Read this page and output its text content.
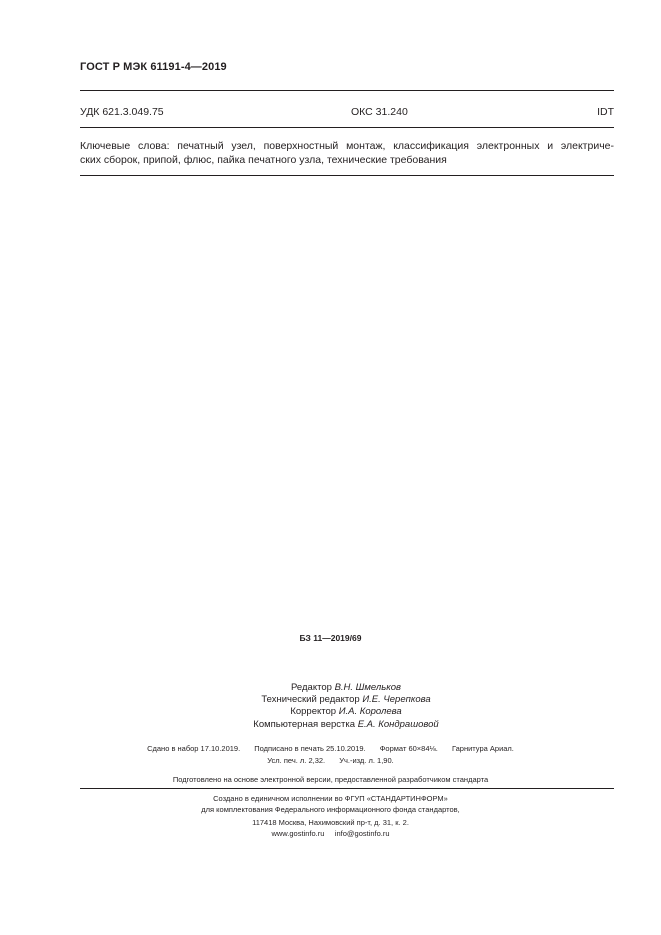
ГОСТ Р МЭК 61191-4—2019
УДК 621.3.049.75	ОКС 31.240	IDT
Ключевые слова: печатный узел, поверхностный монтаж, классификация электронных и электриче-
ских сборок, припой, флюс, пайка печатного узла, технические требования
БЗ 11—2019/69
Редактор В.Н. Шмельков
Технический редактор И.Е. Черепкова
Корректор И.А. Королева
Компьютерная верстка Е.А. Кондрашовой
Сдано в набор 17.10.2019. Подписано в печать 25.10.2019. Формат 60×84⅛. Гарнитура Ариал.
Усл. печ. л. 2,32. Уч.-изд. л. 1,90.
Подготовлено на основе электронной версии, предоставленной разработчиком стандарта
Создано в единичном исполнении во ФГУП «СТАНДАРТИНФОРМ»
для комплектования Федерального информационного фонда стандартов,
117418 Москва, Нахимовский пр-т, д. 31, к. 2.
www.gostinfo.ru info@gostinfo.ru
